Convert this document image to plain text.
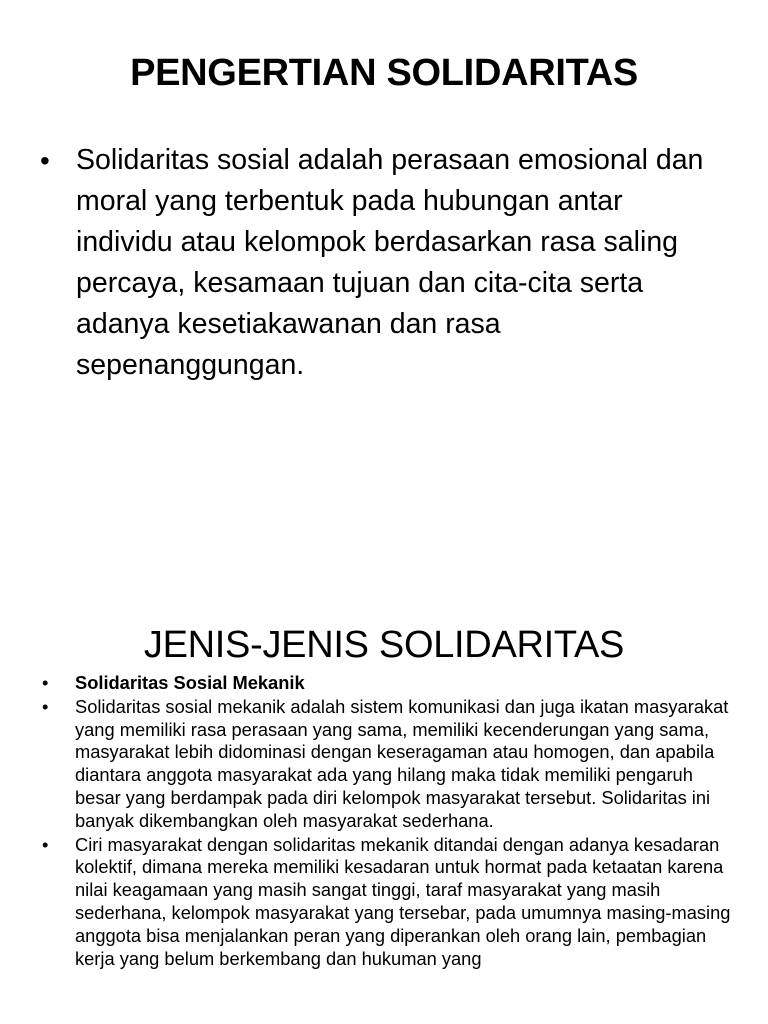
PENGERTIAN SOLIDARITAS
• Solidaritas sosial adalah perasaan emosional dan moral yang terbentuk pada hubungan antar individu atau kelompok berdasarkan rasa saling percaya, kesamaan tujuan dan cita-cita serta adanya kesetiakawanan dan rasa sepenanggungan.
JENIS-JENIS SOLIDARITAS
•	Solidaritas Sosial Mekanik
•	Solidaritas sosial mekanik adalah sistem komunikasi dan juga ikatan masyarakat yang memiliki rasa perasaan yang sama, memiliki kecenderungan yang sama, masyarakat lebih didominasi dengan keseragaman atau homogen, dan apabila diantara anggota masyarakat ada yang hilang maka tidak memiliki pengaruh besar yang berdampak pada diri kelompok masyarakat tersebut. Solidaritas ini banyak dikembangkan oleh masyarakat sederhana.
•	Ciri masyarakat dengan solidaritas mekanik ditandai dengan adanya kesadaran kolektif, dimana mereka memiliki kesadaran untuk hormat pada ketaatan karena nilai keagamaan yang masih sangat tinggi, taraf masyarakat yang masih sederhana, kelompok masyarakat yang tersebar, pada umumnya masing-masing anggota bisa menjalankan peran yang diperankan oleh orang lain, pembagian kerja yang belum berkembang dan hukuman yang
